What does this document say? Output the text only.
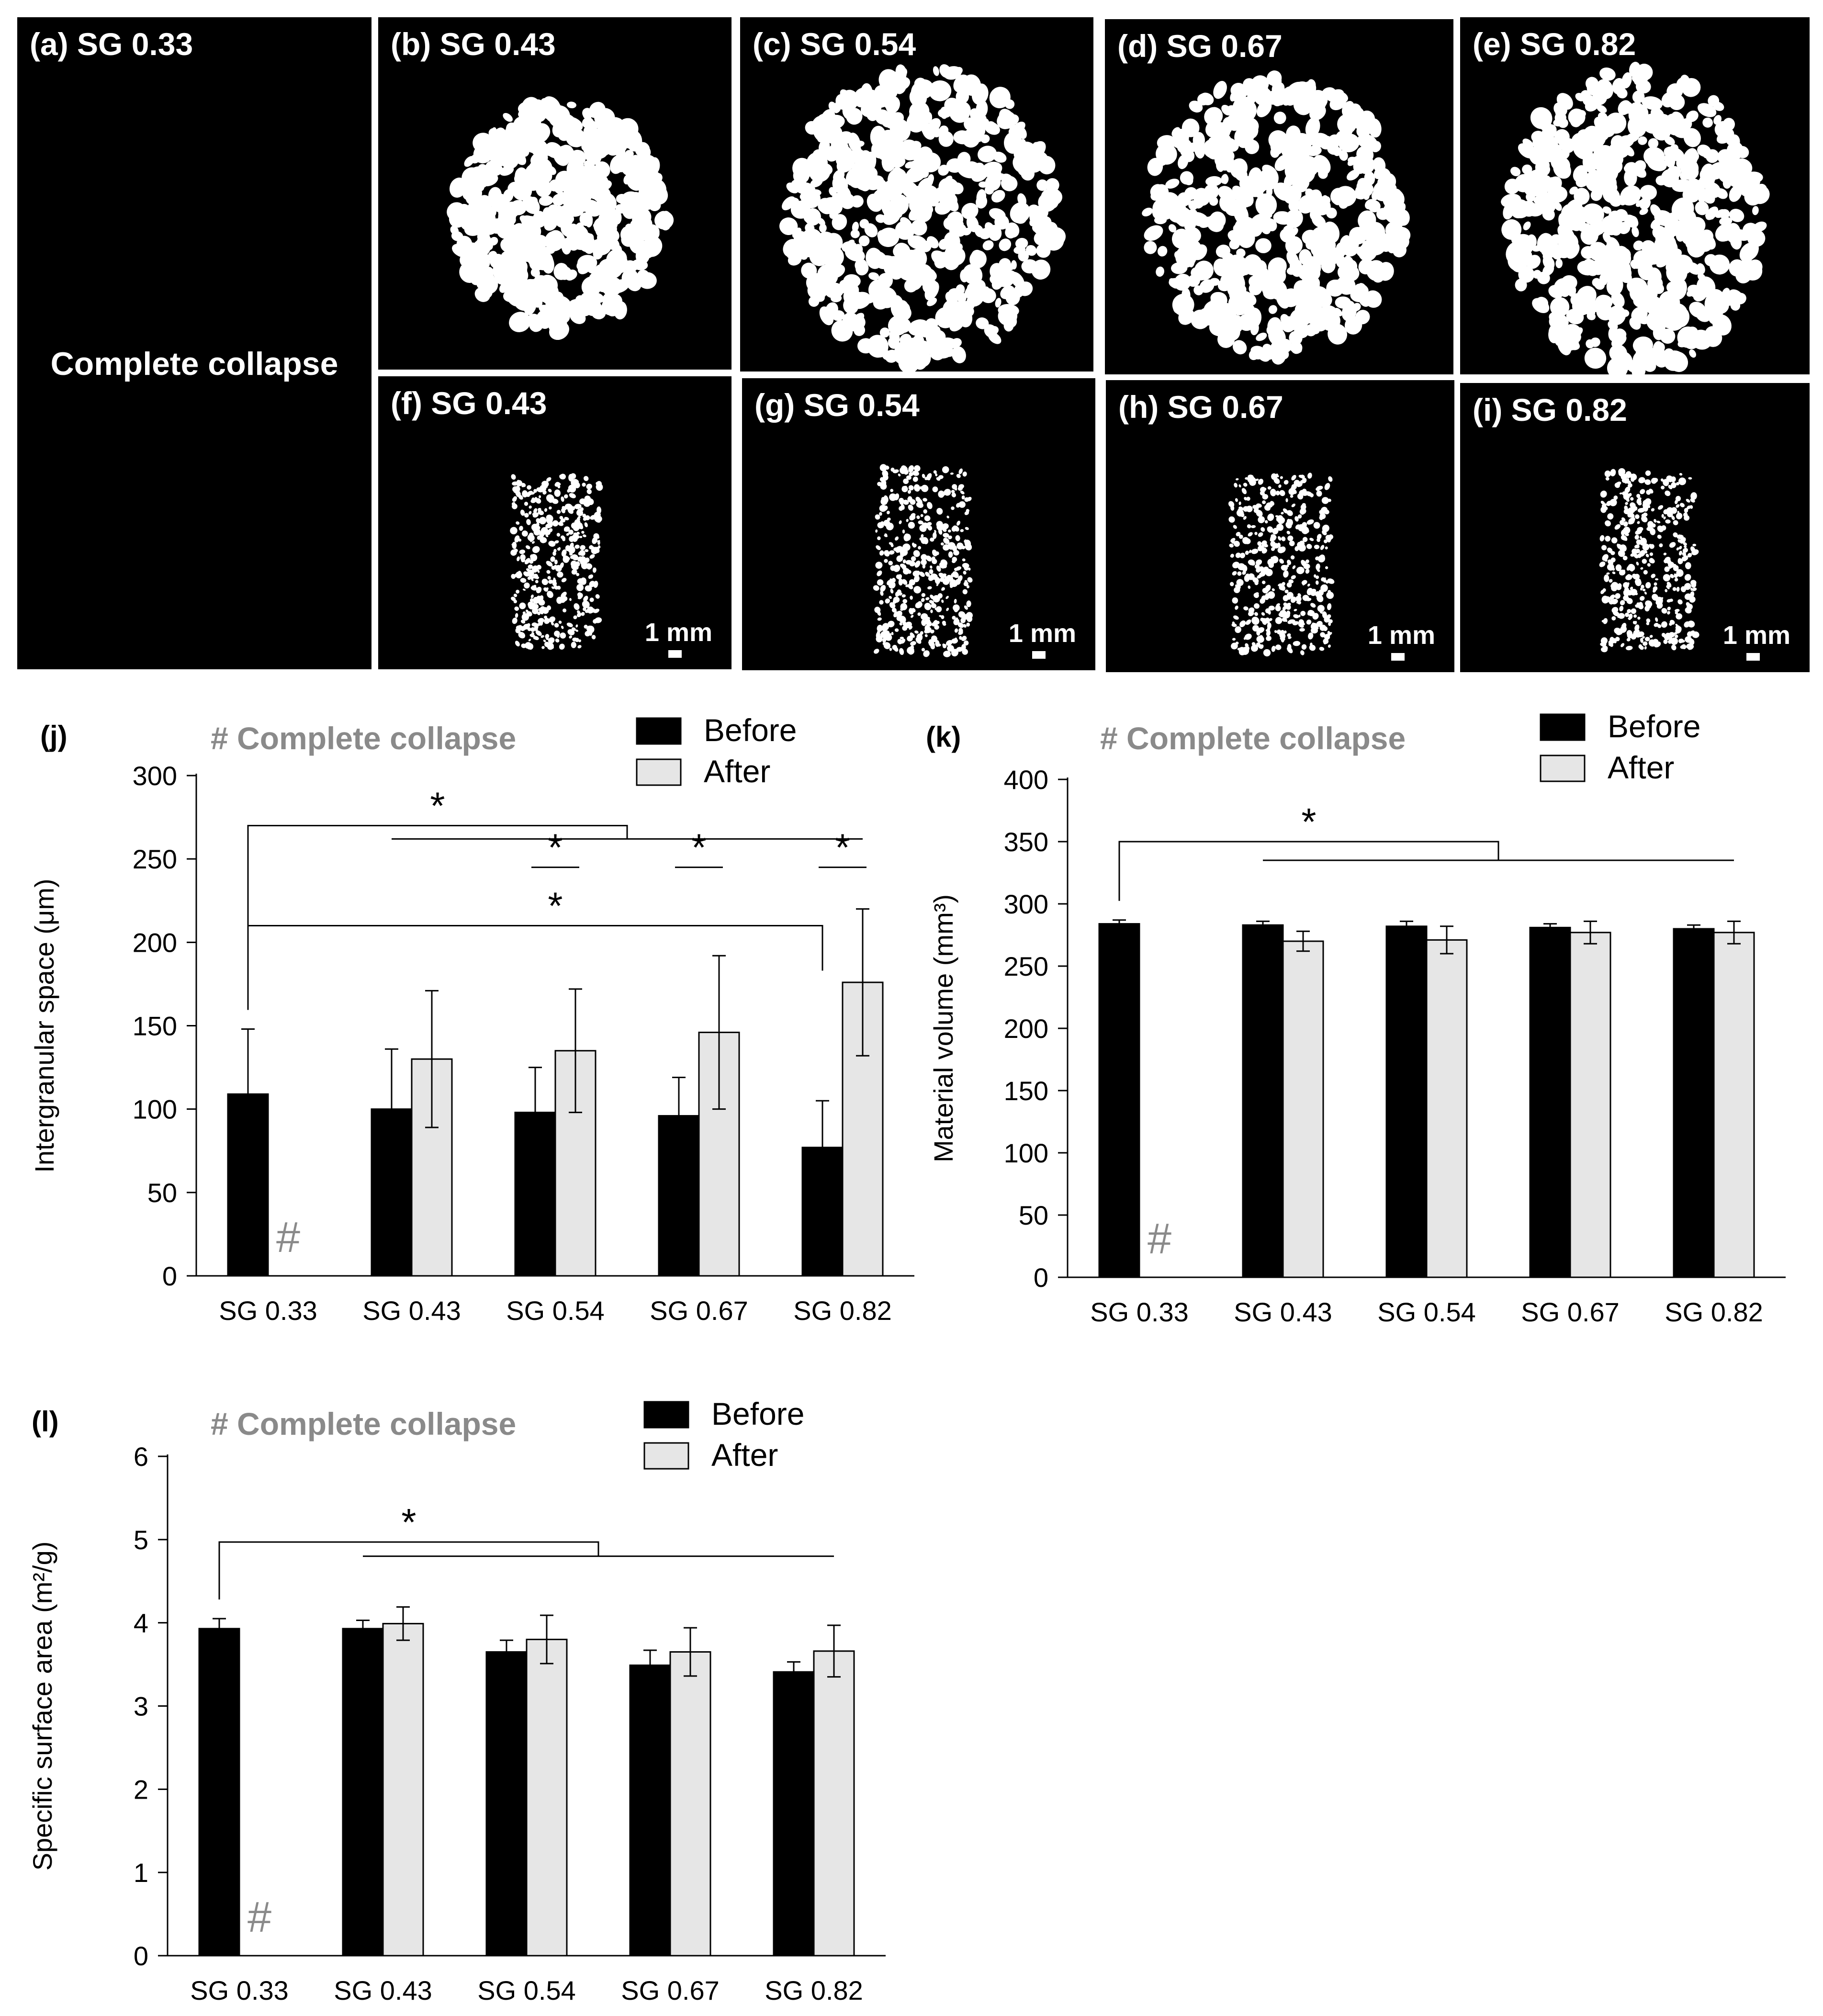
(a) SG 0.33
Complete collapse
(b) SG 0.43	(c) SG 0.54	(d) SG 0.67	(e) SG 0.82
(f) SG 0.43
1 mm
(g) SG 0.54
1 mm
(h) SG 0.67
1 mm
(i) SG 0.82
1 mm
(j)	# Complete collapse	Before
After
0
50
100
150
200
250
300
Intergranular space (μm)
SG 0.33
#
SG 0.43 SG 0.54 SG 0.67 SG 0.82
*
*
*	*	*
(k)	# Complete collapse	Before
After
0
50
100
150
200
250
300
350
400
Material volume (mm³)
SG 0.33
#
SG 0.43 SG 0.54 SG 0.67 SG 0.82
*
(l)	# Complete collapse	Before
After
0
1
2
3
4
5
6
Specific surface area (m²/g)
SG 0.33
#
SG 0.43 SG 0.54 SG 0.67 SG 0.82
*
